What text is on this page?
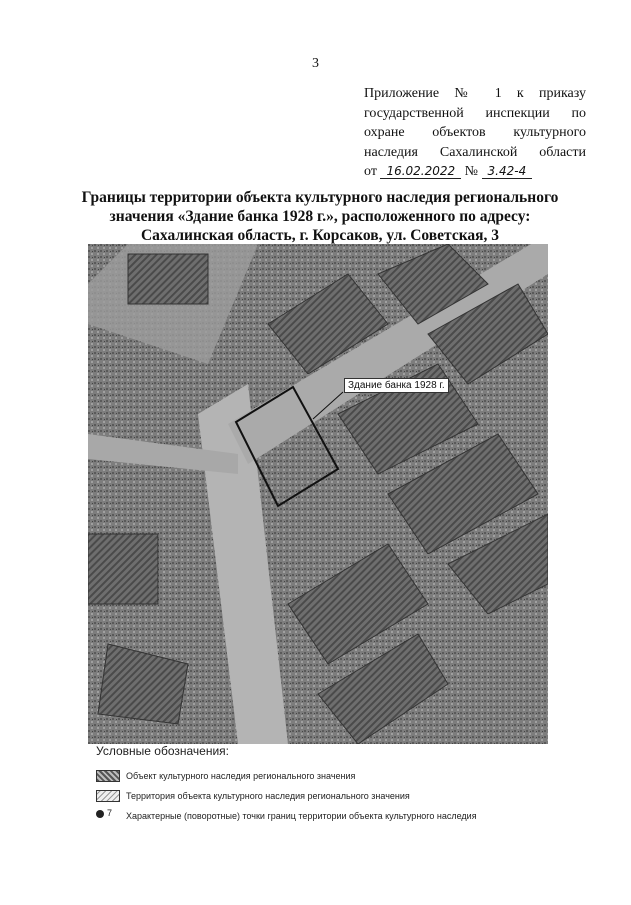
3
Приложение № 1 к приказу
государственной инспекции по
охране объектов культурного
наследия Сахалинской области
от 16.02.2022 № 3.42-4
Границы территории объекта культурного наследия регионального
значения «Здание банка 1928 г.», расположенного по адресу:
Сахалинская область, г. Корсаков, ул. Советская, 3
Здание банка 1928 г.
Условные обозначения:
Объект культурного наследия регионального значения
Территория объекта культурного наследия регионального значения
7 Характерные (поворотные) точки границ территории объекта культурного наследия
